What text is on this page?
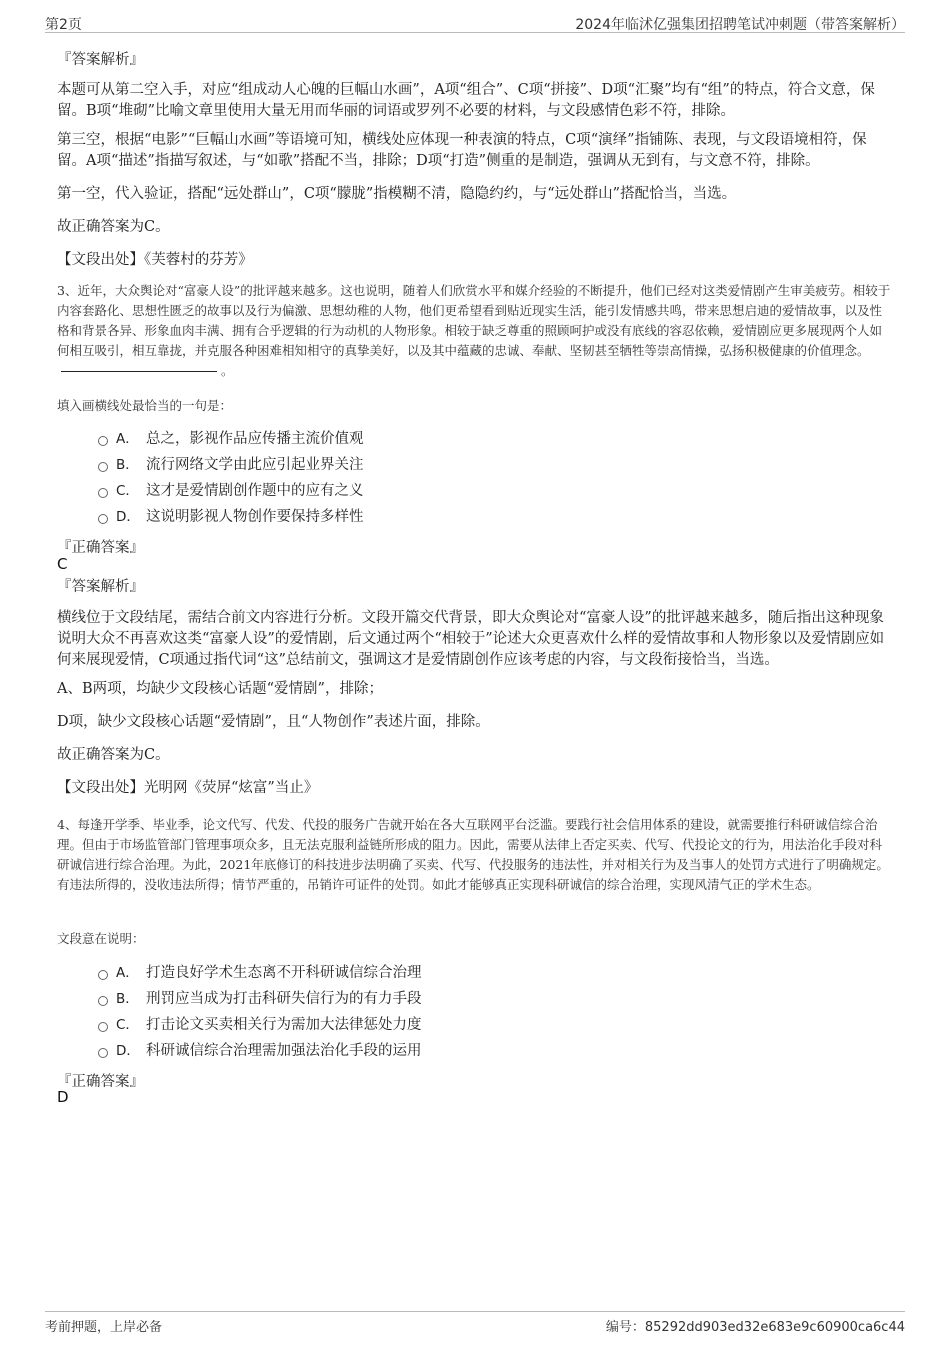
第2页	2024年临沭亿强集团招聘笔试冲刺题（带答案解析）
『答案解析』
本题可从第二空入手，对应“组成动人心魄的巨幅山水画”，A项“组合”、C项“拼接”、D项“汇聚”均有“组”的特点，符合文意，保留。B项“堆砌”比喻文章里使用大量无用而华丽的词语或罗列不必要的材料，与文段感情色彩不符，排除。
第三空，根据“电影”“巨幅山水画”等语境可知，横线处应体现一种表演的特点，C项“演绎”指铺陈、表现，与文段语境相符，保留。A项“描述”指描写叙述，与“如歌”搭配不当，排除；D项“打造”侧重的是制造，强调从无到有，与文意不符，排除。
第一空，代入验证，搭配“远处群山”，C项“朦胧”指模糊不清，隐隐约约，与“远处群山”搭配恰当，当选。
故正确答案为C。
【文段出处】《芙蓉村的芬芳》
3、近年，大众舆论对“富豪人设”的批评越来越多。这也说明，随着人们欣赏水平和媒介经验的不断提升，他们已经对这类爱情剧产生审美疲劳。相较于内容套路化、思想性匮乏的故事以及行为偏激、思想幼稚的人物，他们更希望看到贴近现实生活，能引发情感共鸣，带来思想启迪的爱情故事，以及性格和背景各异、形象血肉丰满、拥有合乎逻辑的行为动机的人物形象。相较于缺乏尊重的照顾呵护或没有底线的容忍依赖，爱情剧应更多展现两个人如何相互吸引，相互靠拢，并克服各种困难相知相守的真挚美好，以及其中蕴藏的忠诚、奉献、坚韧甚至牺牲等崇高情操，弘扬积极健康的价值理念。。
填入画横线处最恰当的一句是：
A． 总之，影视作品应传播主流价值观
B． 流行网络文学由此应引起业界关注
C． 这才是爱情剧创作题中的应有之义
D． 这说明影视人物创作要保持多样性
『正确答案』
C
『答案解析』
横线位于文段结尾，需结合前文内容进行分析。文段开篇交代背景，即大众舆论对“富豪人设”的批评越来越多，随后指出这种现象说明大众不再喜欢这类“富豪人设”的爱情剧，后文通过两个“相较于”论述大众更喜欢什么样的爱情故事和人物形象以及爱情剧应如何来展现爱情，C项通过指代词“这”总结前文，强调这才是爱情剧创作应该考虑的内容，与文段衔接恰当，当选。
A、B两项，均缺少文段核心话题“爱情剧”，排除；
D项，缺少文段核心话题“爱情剧”，且“人物创作”表述片面，排除。
故正确答案为C。
【文段出处】光明网《荧屏“炫富”当止》
4、每逢开学季、毕业季，论文代写、代发、代投的服务广告就开始在各大互联网平台泛滥。要践行社会信用体系的建设，就需要推行科研诚信综合治理。但由于市场监管部门管理事项众多，且无法克服利益链所形成的阻力。因此，需要从法律上否定买卖、代写、代投论文的行为，用法治化手段对科研诚信进行综合治理。为此，2021年底修订的科技进步法明确了买卖、代写、代投服务的违法性，并对相关行为及当事人的处罚方式进行了明确规定。有违法所得的，没收违法所得；情节严重的，吊销许可证件的处罚。如此才能够真正实现科研诚信的综合治理，实现风清气正的学术生态。
文段意在说明：
A． 打造良好学术生态离不开科研诚信综合治理
B． 刑罚应当成为打击科研失信行为的有力手段
C． 打击论文买卖相关行为需加大法律惩处力度
D． 科研诚信综合治理需加强法治化手段的运用
『正确答案』
D
考前押题，上岸必备	编号：85292dd903ed32e683e9c60900ca6c44
